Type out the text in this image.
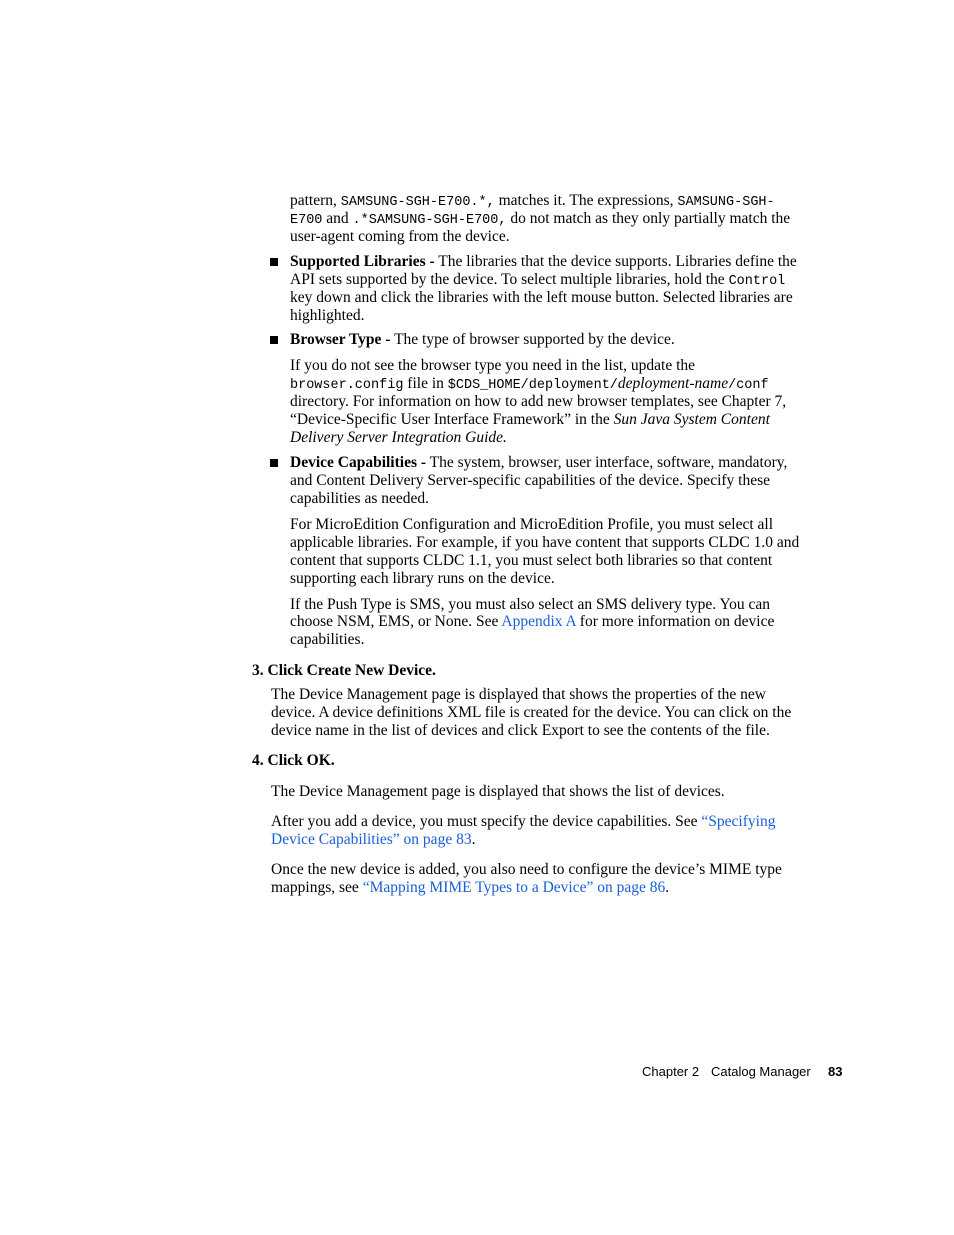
pattern, SAMSUNG-SGH-E700.*, matches it. The expressions, SAMSUNG-SGH-

E700 and .*SAMSUNG-SGH-E700, do not match as they only partially match the

user-agent coming from the device.

Supported Libraries - The libraries that the device supports. Libraries define the

API sets supported by the device. To select multiple libraries, hold the Control

key down and click the libraries with the left mouse button. Selected libraries are

highlighted.

Browser Type - The type of browser supported by the device.

If you do not see the browser type you need in the list, update the

browser.config file in $CDS_HOME/deployment/deployment-name/conf

directory. For information on how to add new browser templates, see Chapter 7,

“Device-Specific User Interface Framework” in the Sun Java System Content

Delivery Server Integration Guide.

Device Capabilities - The system, browser, user interface, software, mandatory,

and Content Delivery Server-specific capabilities of the device. Specify these

capabilities as needed.

For MicroEdition Configuration and MicroEdition Profile, you must select all

applicable libraries. For example, if you have content that supports CLDC 1.0 and

content that supports CLDC 1.1, you must select both libraries so that content

supporting each library runs on the device.

If the Push Type is SMS, you must also select an SMS delivery type. You can

choose NSM, EMS, or None. See Appendix A for more information on device

capabilities.

3. Click Create New Device.

The Device Management page is displayed that shows the properties of the new

device. A device definitions XML file is created for the device. You can click on the

device name in the list of devices and click Export to see the contents of the file.

4. Click OK.

The Device Management page is displayed that shows the list of devices.

After you add a device, you must specify the device capabilities. See “Specifying

Device Capabilities” on page 83.

Once the new device is added, you also need to configure the device’s MIME type

mappings, see “Mapping MIME Types to a Device” on page 86.

Chapter 2 Catalog Manager 83
